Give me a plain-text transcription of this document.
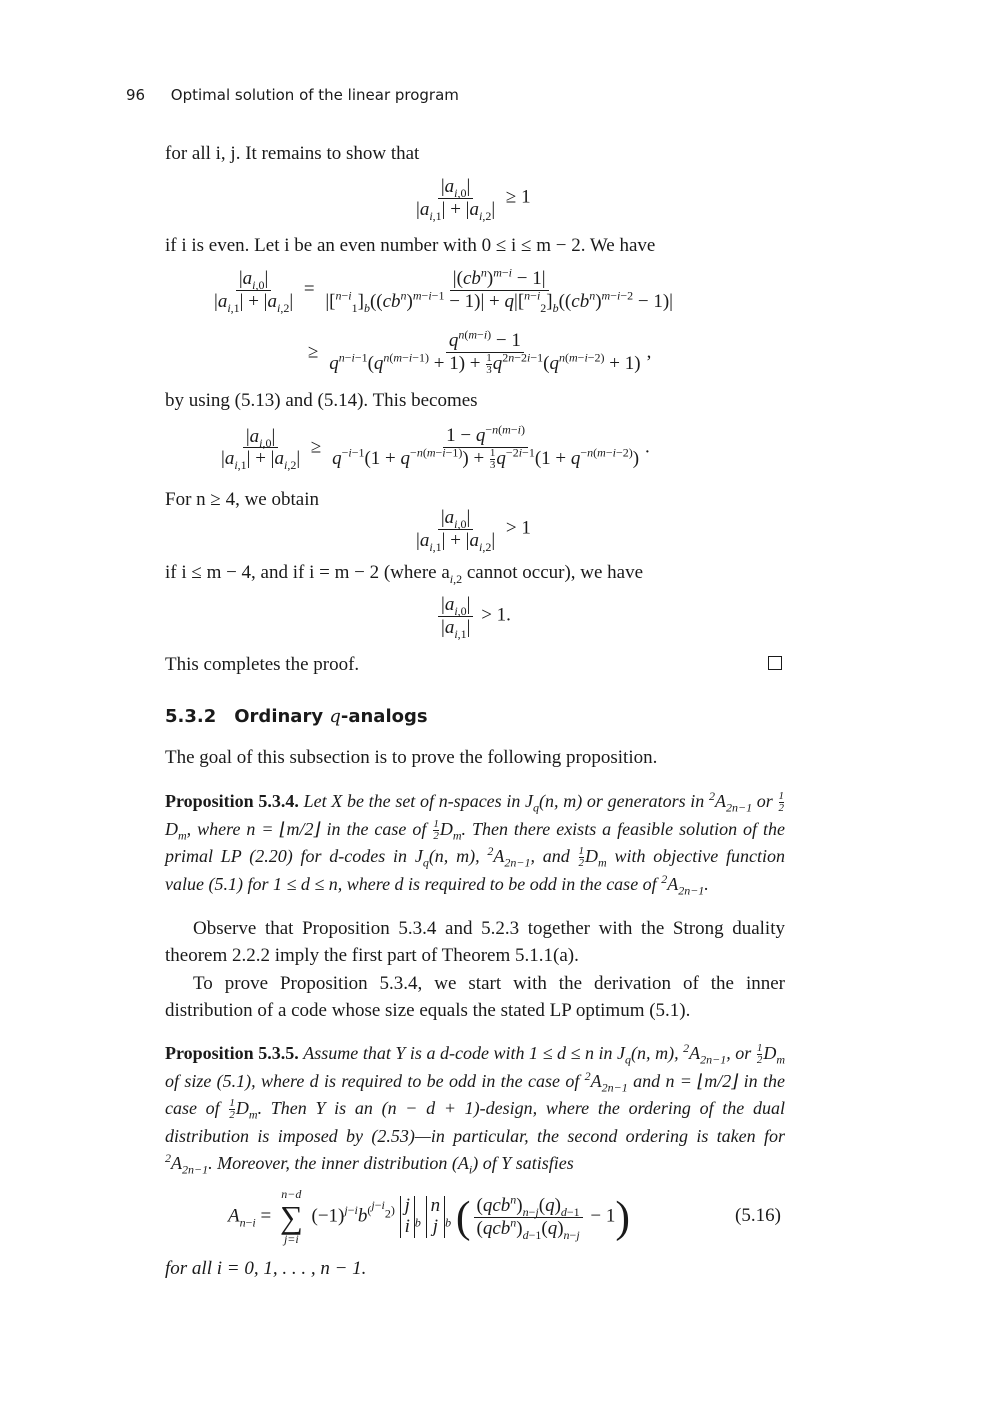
96 Optimal solution of the linear program
for all i, j. It remains to show that
$\frac{|a_{i,0}|}{|a_{i,1}| + |a_{i,2}|} \ge 1$
if i is even. Let i be an even number with 0 ≤ i ≤ m − 2. We have
$\frac{|a_{i,0}|}{|a_{i,1}| + |a_{i,2}|} = \frac{|(cb^n)^{m-i} - 1|}{|[^{n-i}_1]_b((cb^n)^{m-i-1} - 1)| + q|[^{n-i}_2]_b((cb^n)^{m-i-2} - 1)|}$
≥ $\frac{q^{n(m-i)} - 1}{q^{n-i-1}(q^{n(m-i-1)} + 1) + \frac{1}{3} q^{2n-2i-1}(q^{n(m-i-2)} + 1)}$ ,
by using (5.13) and (5.14). This becomes
$\frac{|a_{i,0}|}{|a_{i,1}| + |a_{i,2}|} \ge \frac{1 - q^{-n(m-i)}}{q^{-i-1}(1 + q^{-n(m-i-1)}) + \frac{1}{3} q^{-2i-1}(1 + q^{-n(m-i-2)})}$ .
For n ≥ 4, we obtain
$\frac{|a_{i,0}|}{|a_{i,1}| + |a_{i,2}|} > 1$
if i ≤ m − 4, and if i = m − 2 (where $a_{i,2}$ cannot occur), we have
$\frac{|a_{i,0}|}{|a_{i,1}|} > 1$.
This completes the proof.
5.3.2 Ordinary q-analogs
The goal of this subsection is to prove the following proposition.
Proposition 5.3.4. Let X be the set of n-spaces in $J_q(n$, m) or generators in $^2A_{2n-1}$ or $\frac{1}{2}$
$D_m$, where n = ⌊m/2⌋ in the case of $\frac{1}{2} D_m$. Then there exists a feasible solution of the primal LP (2.20) for d-codes in $J_q(n$, m), $^2A_{2n-1}$, and $\frac{1}{2} D_m$ with objective function value (5.1) for 1 ≤ d ≤ n, where d is required to be odd in the case of $^2A_{2n-1}$.
Observe that Proposition 5.3.4 and 5.2.3 together with the Strong duality theorem 2.2.2 imply the first part of Theorem 5.1.1(a).
To prove Proposition 5.3.4, we start with the derivation of the inner distribution of a code whose size equals the stated LP optimum (5.1).
Proposition 5.3.5. Assume that Y is a d-code with 1 ≤ d ≤ n in $J_q(n$, m), $^2A_{2n-1}$, or $\frac{1}{2} D_m$ of size (5.1), where d is required to be odd in the case of $^2A_{2n-1}$ and n = ⌊m/2⌋ in the case of $\frac{1}{2} D_m$. Then Y is an (n − d + 1)-design, where the ordering of the dual distribution is imposed by (2.53)—in particular, the second ordering is taken for $^2A_{2n-1}$. Moreover, the inner distribution $(A_i)$ of Y satisfies
$A_{n-i}$ =
n−d
∑
j=i
$(-1)^{j-i}b^{(^{j-i}_2)}$ j
i $_b$
n
j $_b$ ( $\frac{(qcb^n)_{n-j}(q)_{d-1}}{(qcb^n)_{d-1}(q)_{n-j}} - 1$)	(5.16)
for all i = 0, 1, . . . , n − 1.
